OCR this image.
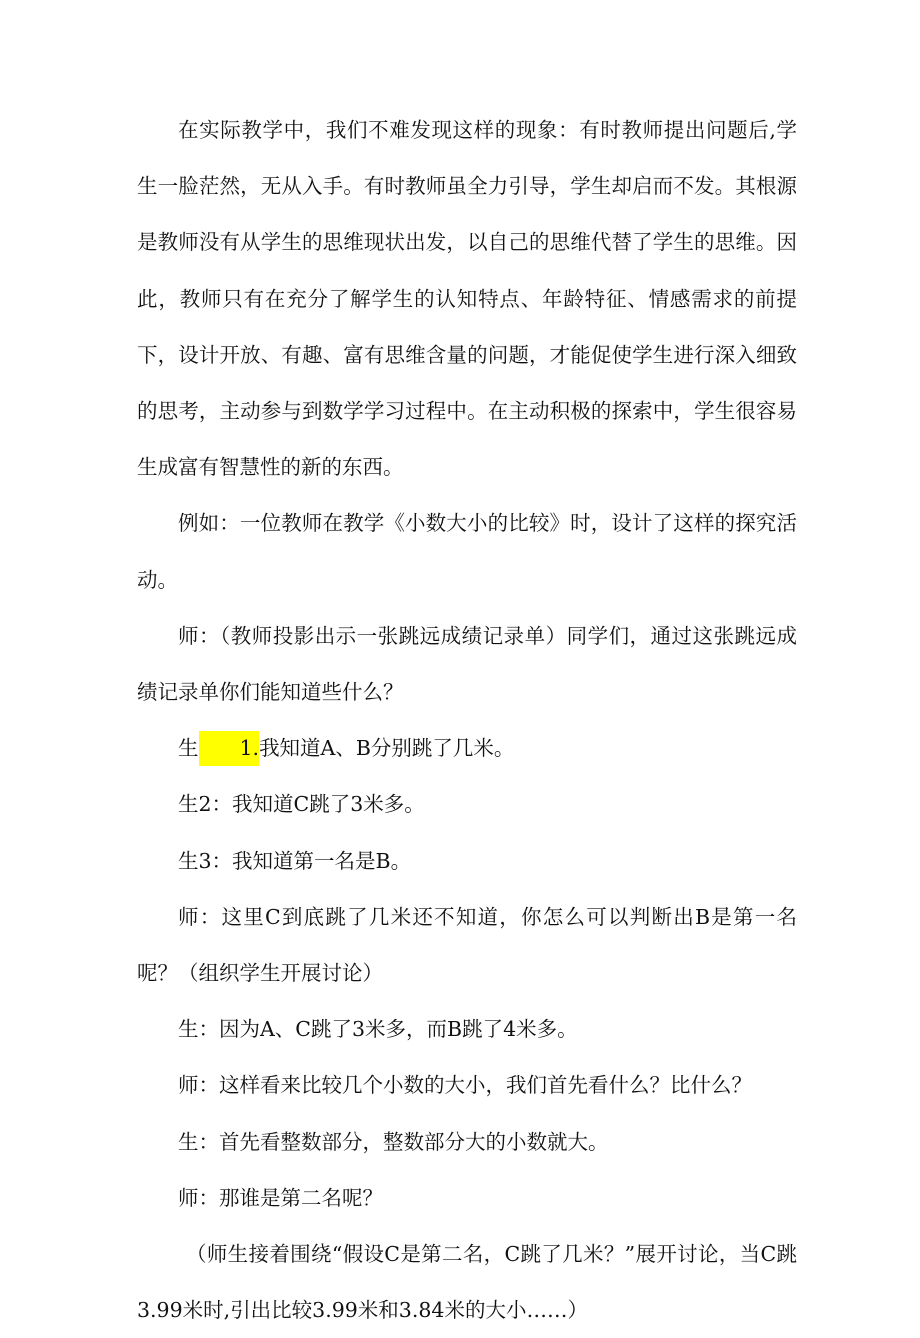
在实际教学中，我们不难发现这样的现象：有时教师提出问题后,学生一脸茫然，无从入手。有时教师虽全力引导，学生却启而不发。其根源是教师没有从学生的思维现状出发，以自己的思维代替了学生的思维。因此，教师只有在充分了解学生的认知特点、年龄特征、情感需求的前提下，设计开放、有趣、富有思维含量的问题，才能促使学生进行深入细致的思考，主动参与到数学学习过程中。在主动积极的探索中，学生很容易生成富有智慧性的新的东西。

例如：一位教师在教学《小数大小的比较》时，设计了这样的探究活动。

师：（教师投影出示一张跳远成绩记录单）同学们，通过这张跳远成绩记录单你们能知道些什么？

生 1.我知道A、B分别跳了几米。

生2：我知道C跳了3米多。

生3：我知道第一名是B。

师：这里C到底跳了几米还不知道，你怎么可以判断出B是第一名呢？（组织学生开展讨论）

生：因为A、C跳了3米多，而B跳了4米多。

师：这样看来比较几个小数的大小，我们首先看什么？比什么？

生：首先看整数部分，整数部分大的小数就大。

师：那谁是第二名呢？

（师生接着围绕“假设C是第二名，C跳了几米？”展开讨论，当C跳3.99米时,引出比较3.99米和3.84米的大小……）
